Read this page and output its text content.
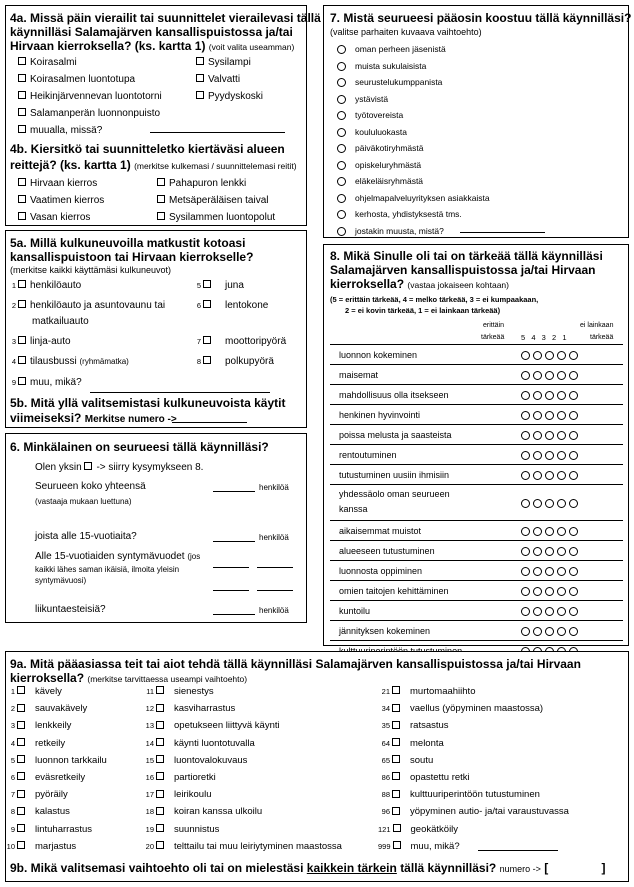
4a. Missä päin vierailit tai suunnittelet vierailevasi tällä
käynnilläsi Salamajärven kansallispuistossa ja/tai
Hirvaan kierroksella? (ks. kartta 1) (voit valita useamman)
Koirasalmi
Koirasalmen luontotupa
Heikinjärvennevan luontotorni
Salamanperän luonnonpuisto
muualla, missä?
Sysilampi
Valvatti
Pyydyskoski
4b. Kiersitkö tai suunnitteletko kiertäväsi alueen
reittejä? (ks. kartta 1) (merkitse kulkemasi / suunnittelemasi reitit)
Hirvaan kierros
Vaatimen kierros
Vasan kierros
Pahapuron lenkki
Metsäperäläisen taival
Sysilammen luontopolut
5a. Millä kulkuneuvoilla matkustit kotoasi
kansallispuistoon tai Hirvaan kierrokselle?
(merkitse kaikki käyttämäsi kulkuneuvot)
1 henkilöauto
2 henkilöauto ja asuntovaunu tai
matkailuauto
3 linja-auto
4 tilausbussi (ryhmämatka)
9 muu, mikä?
5 juna
6 lentokone
7 moottoripyörä
8 polkupyörä
5b. Mitä yllä valitsemistasi kulkuneuvoista käytit
viimeiseksi? Merkitse numero ->
6. Minkälainen on seurueesi tällä käynnilläsi?
Olen yksin -> siirry kysymykseen 8.
Seurueen koko yhteensä
(vastaaja mukaan luettuna)
henkilöä
joista alle 15-vuotiaita?	henkilöä
Alle 15-vuotiaiden syntymävuodet (jos
kaikki lähes saman ikäisiä, ilmoita yleisin
syntymävuosi)
liikuntaesteisiä?	henkilöä
7. Mistä seurueesi pääosin koostuu tällä käynnilläsi?
(valitse parhaiten kuvaava vaihtoehto)
oman perheen jäsenistä
muista sukulaisista
seurustelukumppanista
ystävistä
työtovereista
koululuokasta
päiväkotiryhmästä
opiskeluryhmästä
eläkeläisryhmästä
ohjelmapalveluyrityksen asiakkaista
kerhosta, yhdistyksestä tms.
jostakin muusta, mistä?
8. Mikä Sinulle oli tai on tärkeää tällä käynnilläsi
Salamajärven kansallispuistossa ja/tai Hirvaan
kierroksella? (vastaa jokaiseen kohtaan)
(5 = erittäin tärkeää, 4 = melko tärkeää, 3 = ei kumpaakaan,
2 = ei kovin tärkeää, 1 = ei lainkaan tärkeää)
erittäin
tärkeää 5  4  3  2  1
ei lainkaan
tärkeää
luonnon kokeminen
maisemat
mahdollisuus olla itsekseen
henkinen hyvinvointi
poissa melusta ja saasteista
rentoutuminen
tutustuminen uusiin ihmisiin
yhdessäolo oman seurueen
kanssa
aikaisemmat muistot
alueeseen tutustuminen
luonnosta oppiminen
omien taitojen kehittäminen
kuntoilu
jännityksen kokeminen
9a. Mitä pääasiassa teit tai aiot tehdä tällä käynnilläsi Salamajärven kansallispuistossa ja/tai Hirvaan
kierroksella? (merkitse tarvittaessa useampi vaihtoehto)
1 kävely
2 sauvakävely
3 lenkkeily
4 retkeily
5 luonnon tarkkailu
6 eväsretkeily
7 pyöräily
8 kalastus
9 lintuharrastus
10 marjastus
11 sienestys
12 kasviharrastus
13 opetukseen liittyvä käynti
14 käynti luontotuvalla
15 luontovalokuvaus
16 partioretki
17 leirikoulu
18 koiran kanssa ulkoilu
19 suunnistus
20 telttailu tai muu leiriytyminen maastossa
21 murtomaahiihto
34 vaellus (yöpyminen maastossa)
35 ratsastus
64 melonta
65 soutu
86 opastettu retki
88 kulttuuriperintöön tutustuminen
96 yöpyminen autio- ja/tai varaustuvassa
121 geokätköily
999 muu, mikä?
9b. Mikä valitsemasi vaihtoehto oli tai on mielestäsi kaikkein tärkein tällä käynnilläsi? numero -> [                ]
